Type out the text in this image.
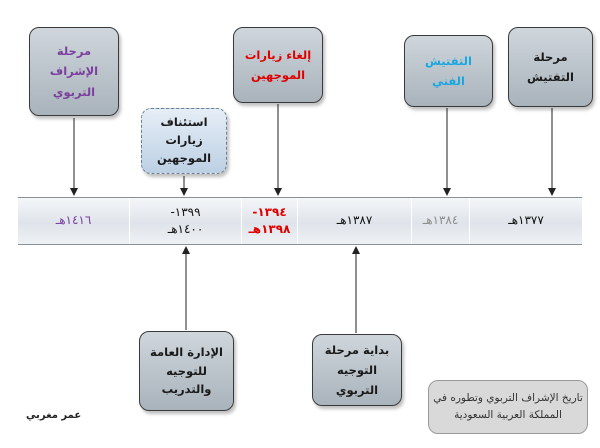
مرحلة الإشراف
التربوي
استئناف
زيارات
الموجهين
إلغاء زيارات
الموجهين
التفتيش الفني
مرحلة التفتيش
١٤١٦هـ
١٣٩٩-
١٤٠٠هـ
١٣٩٤-
١٣٩٨هـ
١٣٨٧هـ	١٣٨٤هـ	١٣٧٧هـ
الإدارة العامة
للتوجيه
والتدريب
بداية مرحلة
التوجيه التربوي
تاريخ الإشراف التربوي وتطوره في
المملكة العربية السعودية
عمر مغربي
